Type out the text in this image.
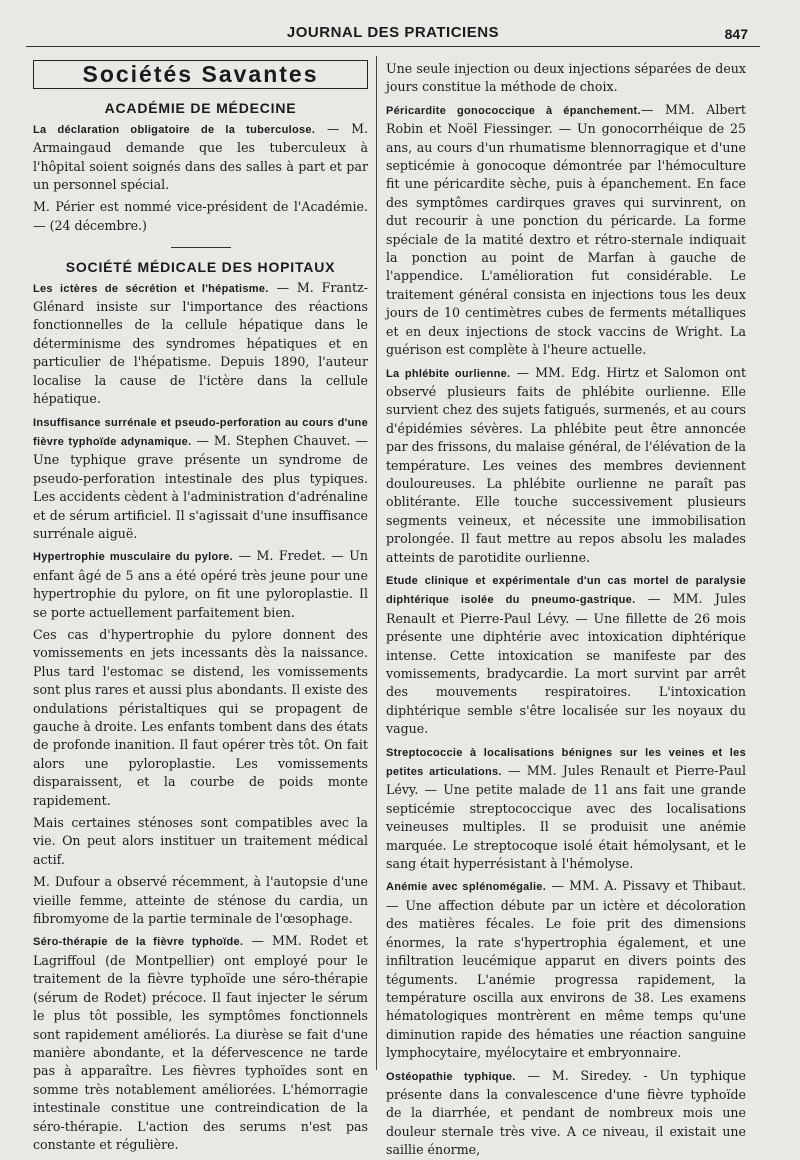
JOURNAL DES PRATICIENS	847
Sociétés Savantes
ACADÉMIE DE MÉDECINE

La déclaration obligatoire de la tuberculose. — M. Armaingaud demande que les tuberculeux à l'hôpital soient soignés dans des salles à part et par un personnel spécial.

M. Périer est nommé vice-président de l'Académie. — (24 décembre.)

SOCIÉTÉ MÉDICALE DES HOPITAUX

Les ictères de sécrétion et l'hépatisme. — M. Frantz-Glénard insiste sur l'importance des réactions fonctionnelles de la cellule hépatique dans le déterminisme des syndromes hépatiques et en particulier de l'hépatisme. Depuis 1890, l'auteur localise la cause de l'ictère dans la cellule hépatique.

Insuffisance surrénale et pseudo-perforation au cours d'une fièvre typhoïde adynamique. — M. Stephen Chauvet. — Une typhique grave présente un syndrome de pseudo-perforation intestinale des plus typiques. Les accidents cèdent à l'administration d'adrénaline et de sérum artificiel. Il s'agissait d'une insuffisance surrénale aiguë.

Hypertrophie musculaire du pylore. — M. Fredet. — Un enfant âgé de 5 ans a été opéré très jeune pour une hypertrophie du pylore, on fit une pyloroplastie. Il se porte actuellement parfaitement bien.

Ces cas d'hypertrophie du pylore donnent des vomissements en jets incessants dès la naissance. Plus tard l'estomac se distend, les vomissements sont plus rares et aussi plus abondants. Il existe des ondulations péristaltiques qui se propagent de gauche à droite. Les enfants tombent dans des états de profonde inanition. Il faut opérer très tôt. On fait alors une pyloroplastie. Les vomissements disparaissent, et la courbe de poids monte rapidement.

Mais certaines sténoses sont compatibles avec la vie. On peut alors instituer un traitement médical actif.

M. Dufour a observé récemment, à l'autopsie d'une vieille femme, atteinte de sténose du cardia, un fibromyome de la partie terminale de l'œsophage.

Séro-thérapie de la fièvre typhoïde. — MM. Rodet et Lagriffoul (de Montpellier) ont employé pour le traitement de la fièvre typhoïde une séro-thérapie (sérum de Rodet) précoce. Il faut injecter le sérum le plus tôt possible, les symptômes fonctionnels sont rapidement améliorés. La diurèse se fait d'une manière abondante, et la défervescence ne tarde pas à apparaître. Les fièvres typhoïdes sont en somme très notablement améliorées. L'hémorragie intestinale constitue une contreindication de la séro-thérapie. L'action des serums n'est pas constante et régulière.

Une seule injection ou deux injections séparées de deux jours constitue la méthode de choix.

Péricardite gonococcique à épanchement.— MM. Albert Robin et Noël Fiessinger. — Un gonocorrhéique de 25 ans, au cours d'un rhumatisme blennorragique et d'une septicémie à gonocoque démontrée par l'hémoculture fit une péricardite sèche, puis à épanchement. En face des symptômes cardirques graves qui survinrent, on dut recourir à une ponction du péricarde. La forme spéciale de la matité dextro et rétro-sternale indiquait la ponction au point de Marfan à gauche de l'appendice. L'amélioration fut considérable. Le traitement général consista en injections tous les deux jours de 10 centimètres cubes de ferments métalliques et en deux injections de stock vaccins de Wright. La guérison est complète à l'heure actuelle.

La phlébite ourlienne. — MM. Edg. Hirtz et Salomon ont observé plusieurs faits de phlébite ourlienne. Elle survient chez des sujets fatigués, surmenés, et au cours d'épidémies sévères. La phlébite peut être annoncée par des frissons, du malaise général, de l'élévation de la température. Les veines des membres deviennent douloureuses. La phlébite ourlienne ne paraît pas oblitérante. Elle touche successivement plusieurs segments veineux, et nécessite une immobilisation prolongée. Il faut mettre au repos absolu les malades atteints de parotidite ourlienne.

Etude clinique et expérimentale d'un cas mortel de paralysie diphtérique isolée du pneumo-gastrique. — MM. Jules Renault et Pierre-Paul Lévy. — Une fillette de 26 mois présente une diphtérie avec intoxication diphtérique intense. Cette intoxication se manifeste par des vomissements, bradycardie. La mort survint par arrêt des mouvements respiratoires. L'intoxication diphtérique semble s'être localisée sur les noyaux du vague.

Streptococcie à localisations bénignes sur les veines et les petites articulations. — MM. Jules Renault et Pierre-Paul Lévy. — Une petite malade de 11 ans fait une grande septicémie streptococcique avec des localisations veineuses multiples. Il se produisit une anémie marquée. Le streptocoque isolé était hémolysant, et le sang était hyperrésistant à l'hémolyse.

Anémie avec splénomégalie. — MM. A. Pissavy et Thibaut. — Une affection débute par un ictère et décoloration des matières fécales. Le foie prit des dimensions énormes, la rate s'hypertrophia également, et une infiltration leucémique apparut en divers points des téguments. L'anémie progressa rapidement, la température oscilla aux environs de 38. Les examens hématologiques montrèrent en même temps qu'une diminution rapide des hématies une réaction sanguine lymphocytaire, myélocytaire et embryonnaire.

Ostéopathie typhique. — M. Siredey. - Un typhique présente dans la convalescence d'une fièvre typhoïde de la diarrhée, et pendant de nombreux mois une douleur sternale très vive. A ce niveau, il existait une saillie énorme,
